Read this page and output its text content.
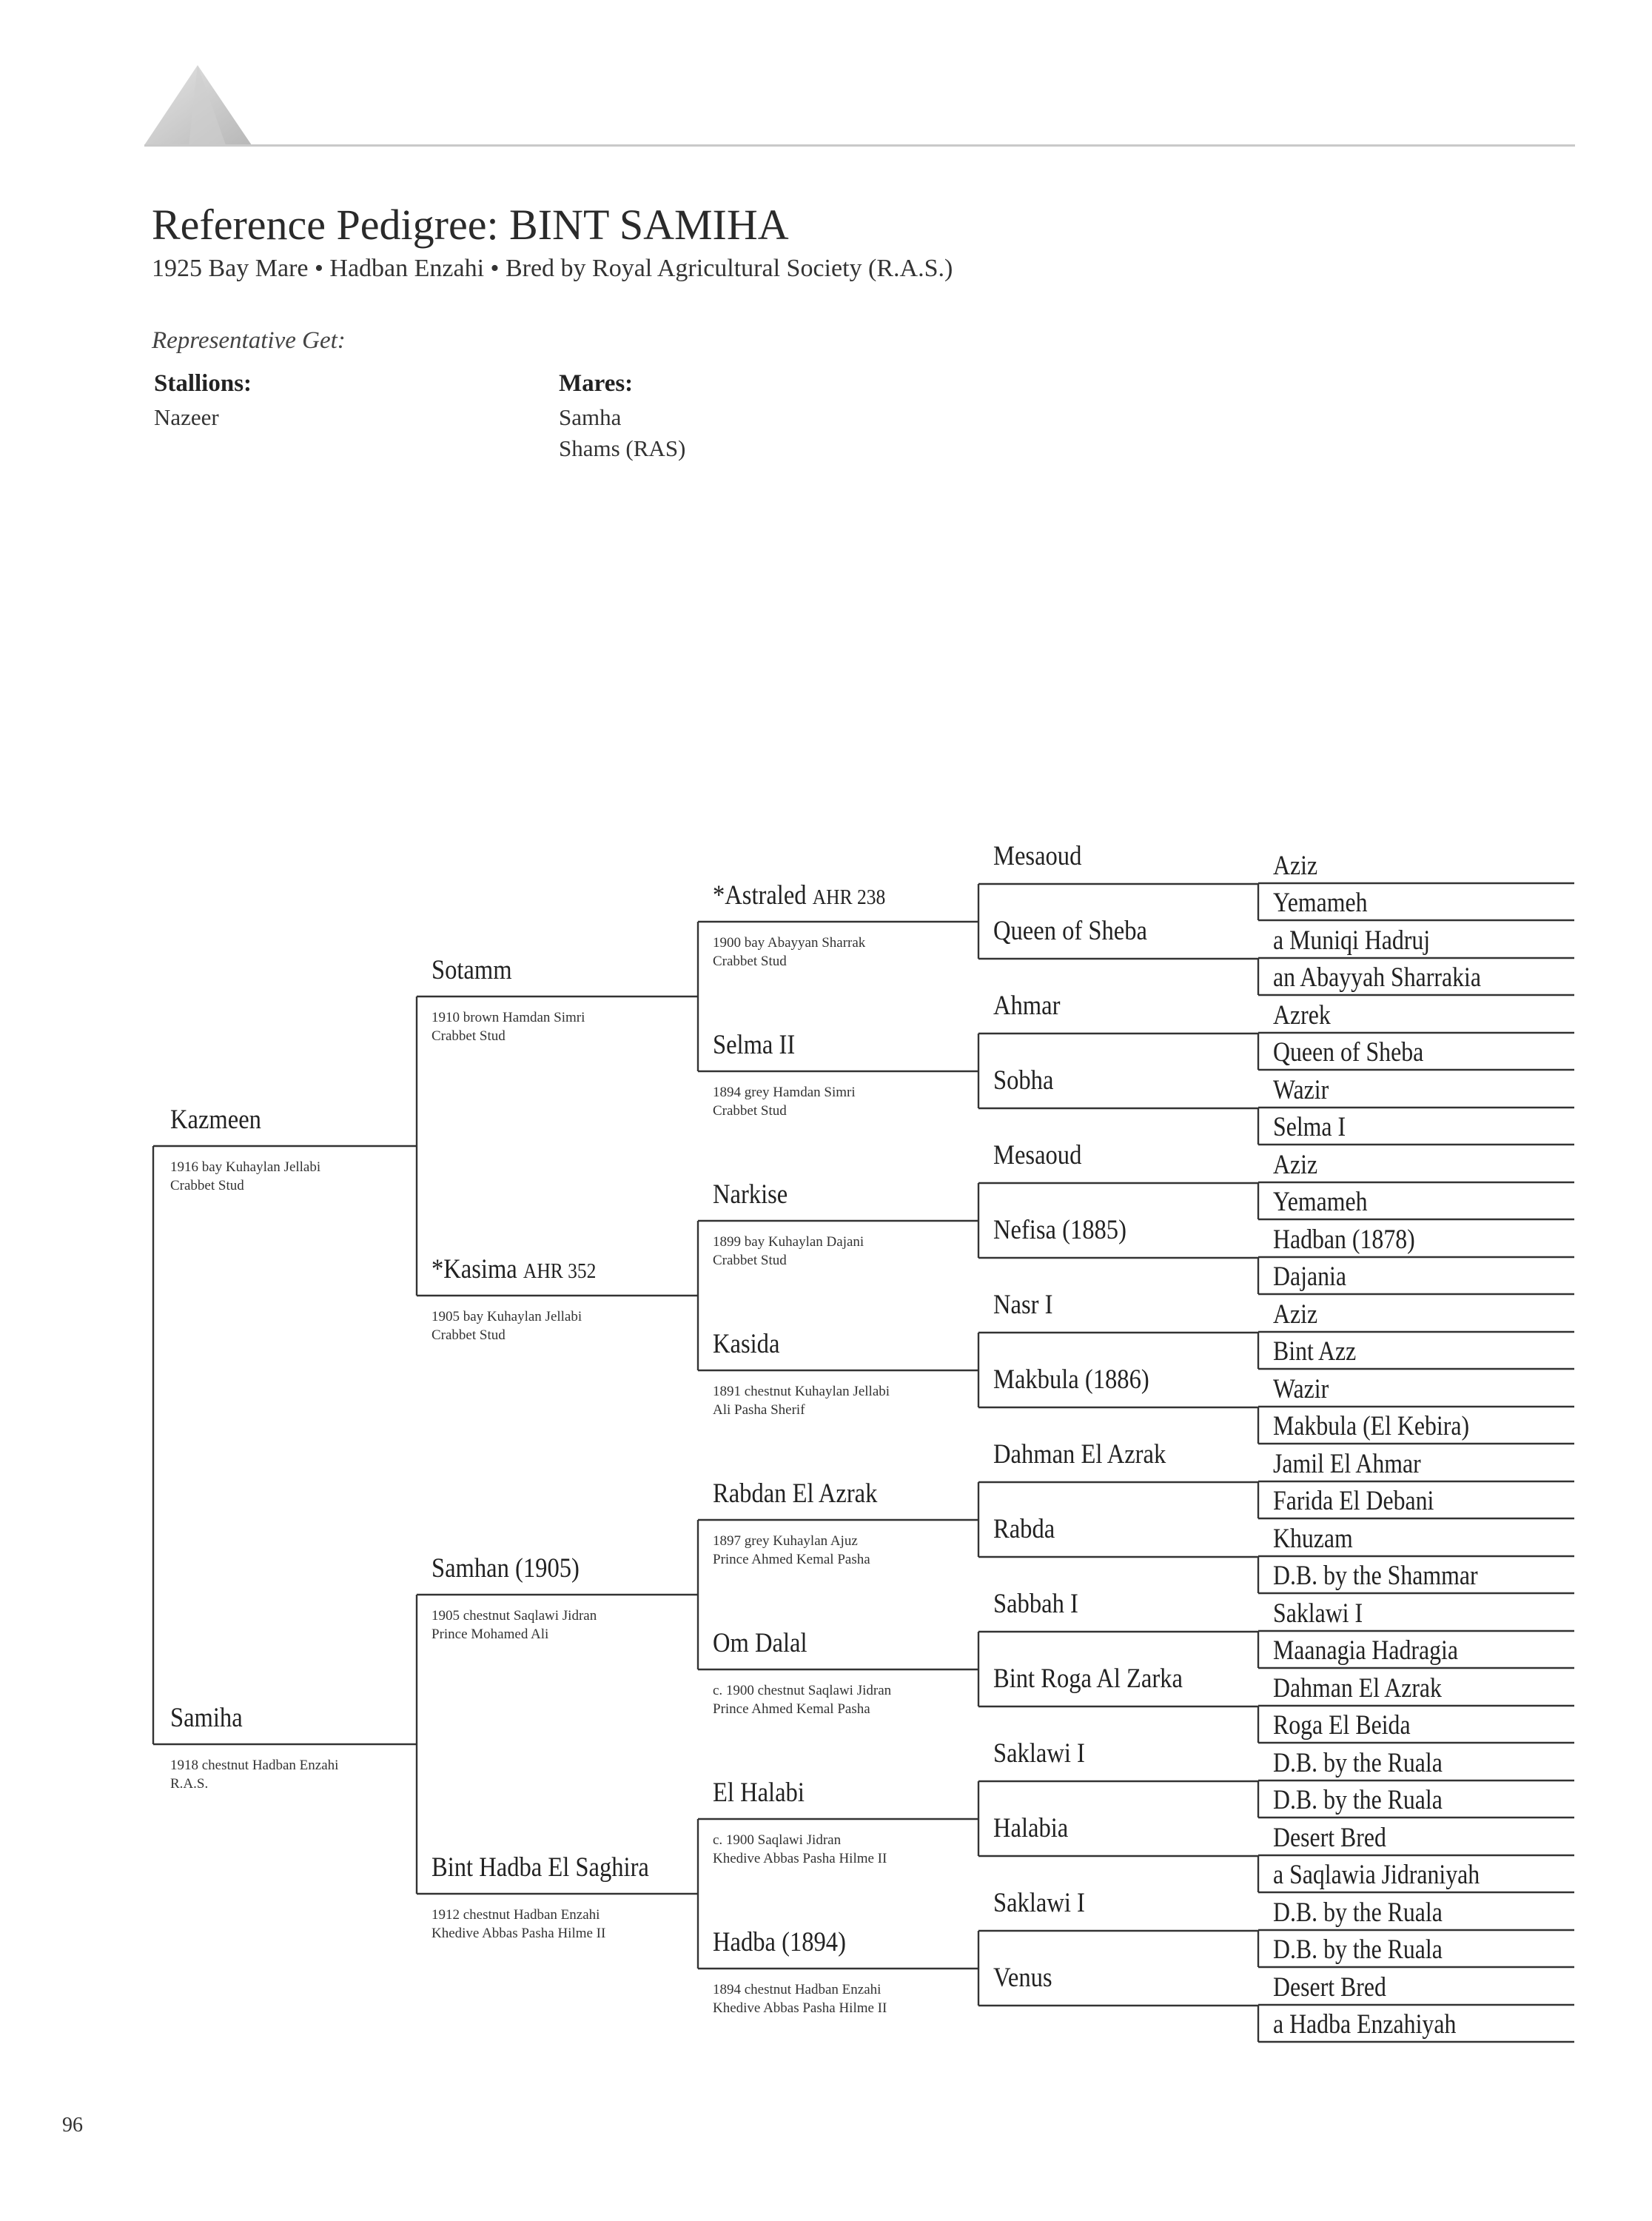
Reference Pedigree: BINT SAMIHA
1925 Bay Mare • Hadban Enzahi • Bred by Royal Agricultural Society (R.A.S.)
Representative Get:
Stallions:
Nazeer
Mares:
Samha
Shams (RAS)
Kazmeen
1916 bay Kuhaylan Jellabi
Crabbet Stud
Samiha
1918 chestnut Hadban Enzahi
R.A.S.
Sotamm
1910 brown Hamdan Simri
Crabbet Stud
*Kasima AHR 352
1905 bay Kuhaylan Jellabi
Crabbet Stud
Samhan (1905)
1905 chestnut Saqlawi Jidran
Prince Mohamed Ali
Bint Hadba El Saghira
1912 chestnut Hadban Enzahi
Khedive Abbas Pasha Hilme II
*Astraled AHR 238
1900 bay Abayyan Sharrak
Crabbet Stud
Selma II
1894 grey Hamdan Simri
Crabbet Stud
Narkise
1899 bay Kuhaylan Dajani
Crabbet Stud
Kasida
1891 chestnut Kuhaylan Jellabi
Ali Pasha Sherif
Rabdan El Azrak
1897 grey Kuhaylan Ajuz
Prince Ahmed Kemal Pasha
Om Dalal
c. 1900 chestnut Saqlawi Jidran
Prince Ahmed Kemal Pasha
El Halabi
c. 1900 Saqlawi Jidran
Khedive Abbas Pasha Hilme II
Hadba (1894)
1894 chestnut Hadban Enzahi
Khedive Abbas Pasha Hilme II
Mesaoud
Queen of Sheba
Ahmar
Sobha
Mesaoud
Nefisa (1885)
Nasr I
Makbula (1886)
Dahman El Azrak
Rabda
Sabbah I
Bint Roga Al Zarka
Saklawi I
Halabia
Saklawi I
Venus
Aziz
Yemameh
a Muniqi Hadruj
an Abayyah Sharrakia
Azrek
Queen of Sheba
Wazir
Selma I
Aziz
Yemameh
Hadban (1878)
Dajania
Aziz
Bint Azz
Wazir
Makbula (El Kebira)
Jamil El Ahmar
Farida El Debani
Khuzam
D.B. by the Shammar
Saklawi I
Maanagia Hadragia
Dahman El Azrak
Roga El Beida
D.B. by the Ruala
D.B. by the Ruala
Desert Bred
a Saqlawia Jidraniyah
D.B. by the Ruala
D.B. by the Ruala
Desert Bred
a Hadba Enzahiyah
96
